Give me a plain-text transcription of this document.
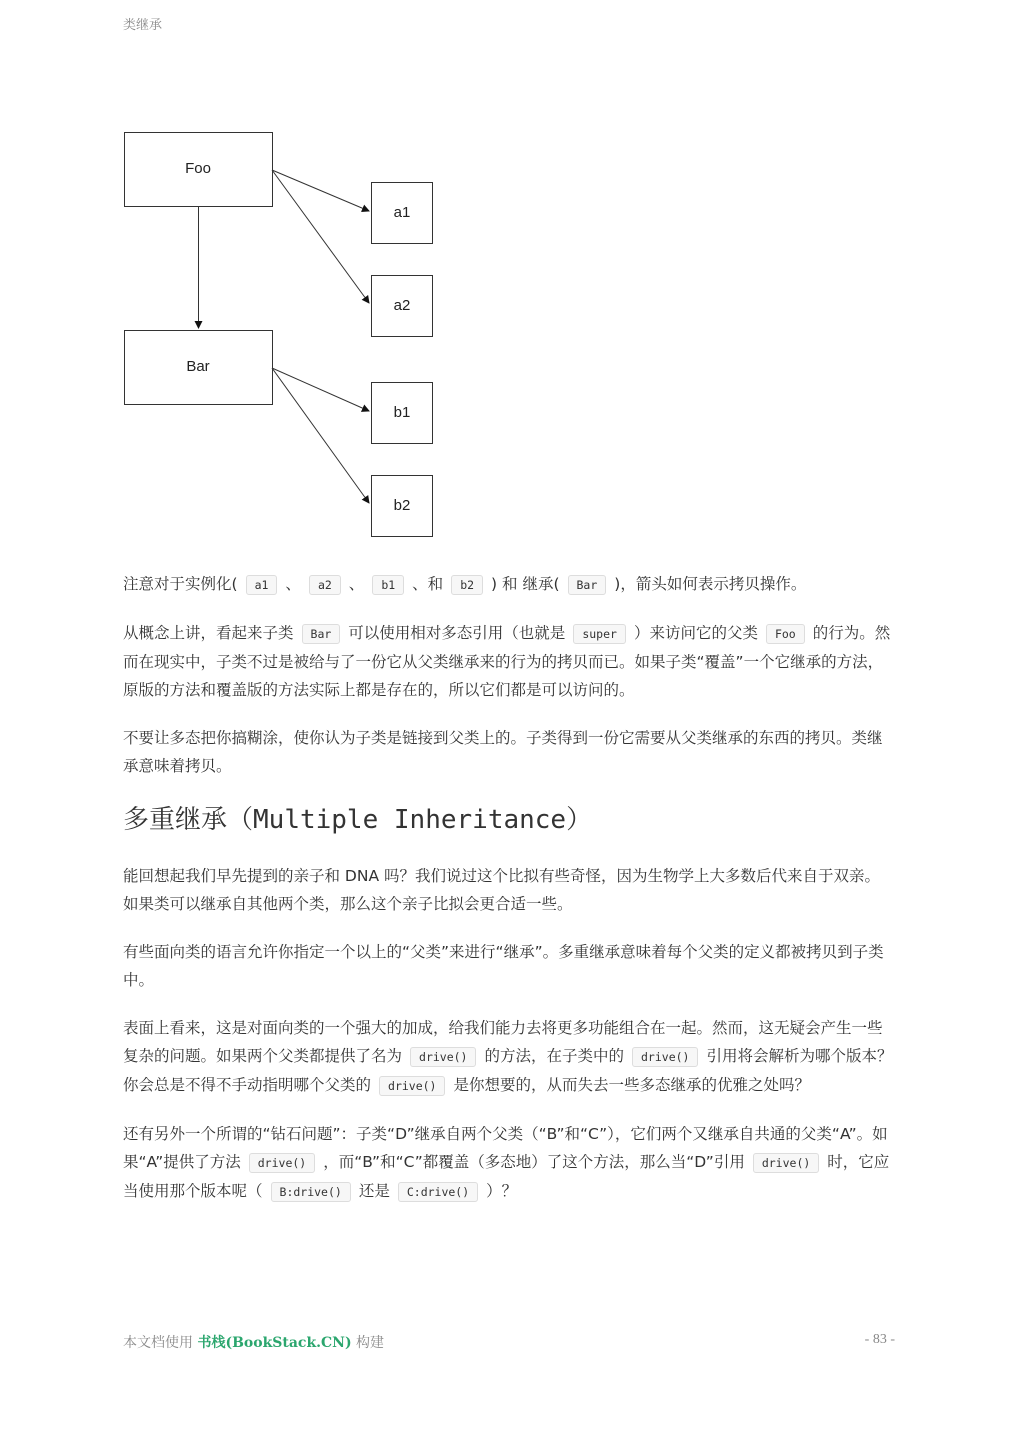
类继承
Foo
Bar
a1
a2
b1
b2

注意对于实例化( a1 、 a2 、 b1 、和 b2 ) 和 继承( Bar )，箭头如何表示拷贝操作。

从概念上讲，看起来子类 Bar 可以使用相对多态引用（也就是 super ）来访问它的父类 Foo 的行为。然而在现实中，子类不过是被给与了一份它从父类继承来的行为的拷贝而已。如果子类“覆盖”一个它继承的方法，原版的方法和覆盖版的方法实际上都是存在的，所以它们都是可以访问的。

不要让多态把你搞糊涂，使你认为子类是链接到父类上的。子类得到一份它需要从父类继承的东西的拷贝。类继承意味着拷贝。

多重继承（Multiple Inheritance）

能回想起我们早先提到的亲子和 DNA 吗？我们说过这个比拟有些奇怪，因为生物学上大多数后代来自于双亲。如果类可以继承自其他两个类，那么这个亲子比拟会更合适一些。

有些面向类的语言允许你指定一个以上的“父类”来进行“继承”。多重继承意味着每个父类的定义都被拷贝到子类中。

表面上看来，这是对面向类的一个强大的加成，给我们能力去将更多功能组合在一起。然而，这无疑会产生一些复杂的问题。如果两个父类都提供了名为 drive() 的方法，在子类中的 drive() 引用将会解析为哪个版本？你会总是不得不手动指明哪个父类的 drive() 是你想要的，从而失去一些多态继承的优雅之处吗？

还有另外一个所谓的“钻石问题”：子类“D”继承自两个父类（“B”和“C”），它们两个又继承自共通的父类“A”。如果“A”提供了方法 drive() ，而“B”和“C”都覆盖（多态地）了这个方法，那么当“D”引用 drive() 时，它应当使用那个版本呢（ B:drive() 还是 C:drive() ）？

本文档使用 书栈(BookStack.CN) 构建	- 83 -
